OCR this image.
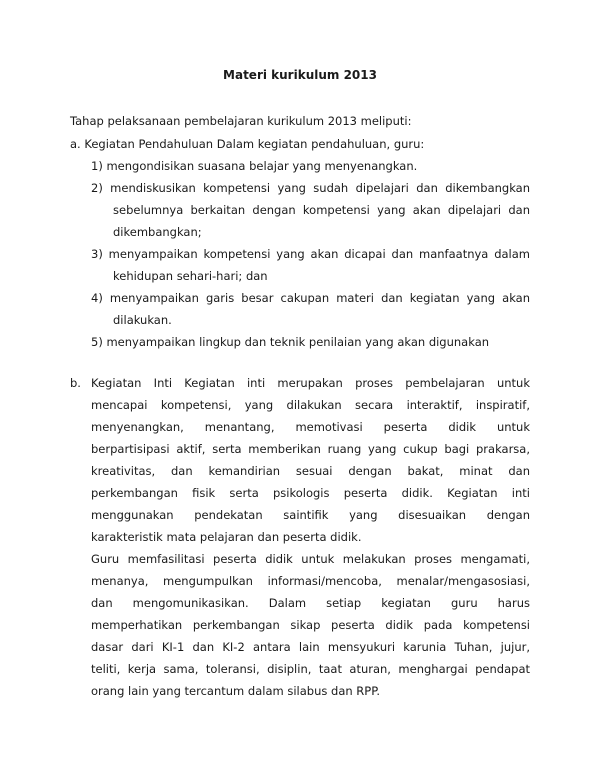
Materi kurikulum 2013
Tahap pelaksanaan pembelajaran kurikulum 2013 meliputi:
a. Kegiatan Pendahuluan Dalam kegiatan pendahuluan, guru:
1) mengondisikan suasana belajar yang menyenangkan.
2) mendiskusikan kompetensi yang sudah dipelajari dan dikembangkan
sebelumnya berkaitan dengan kompetensi yang akan dipelajari dan
dikembangkan;
3) menyampaikan kompetensi yang akan dicapai dan manfaatnya dalam
kehidupan sehari-hari; dan
4) menyampaikan garis besar cakupan materi dan kegiatan yang akan
dilakukan.
5) menyampaikan lingkup dan teknik penilaian yang akan digunakan
b. Kegiatan Inti Kegiatan inti merupakan proses pembelajaran untuk
mencapai kompetensi, yang dilakukan secara interaktif, inspiratif,
menyenangkan, menantang, memotivasi peserta didik untuk
berpartisipasi aktif, serta memberikan ruang yang cukup bagi prakarsa,
kreativitas, dan kemandirian sesuai dengan bakat, minat dan
perkembangan fisik serta psikologis peserta didik. Kegiatan inti
menggunakan pendekatan saintifik yang disesuaikan dengan
karakteristik mata pelajaran dan peserta didik.
Guru memfasilitasi peserta didik untuk melakukan proses mengamati,
menanya, mengumpulkan informasi/mencoba, menalar/mengasosiasi,
dan mengomunikasikan. Dalam setiap kegiatan guru harus
memperhatikan perkembangan sikap peserta didik pada kompetensi
dasar dari KI-1 dan KI-2 antara lain mensyukuri karunia Tuhan, jujur,
teliti, kerja sama, toleransi, disiplin, taat aturan, menghargai pendapat
orang lain yang tercantum dalam silabus dan RPP.
